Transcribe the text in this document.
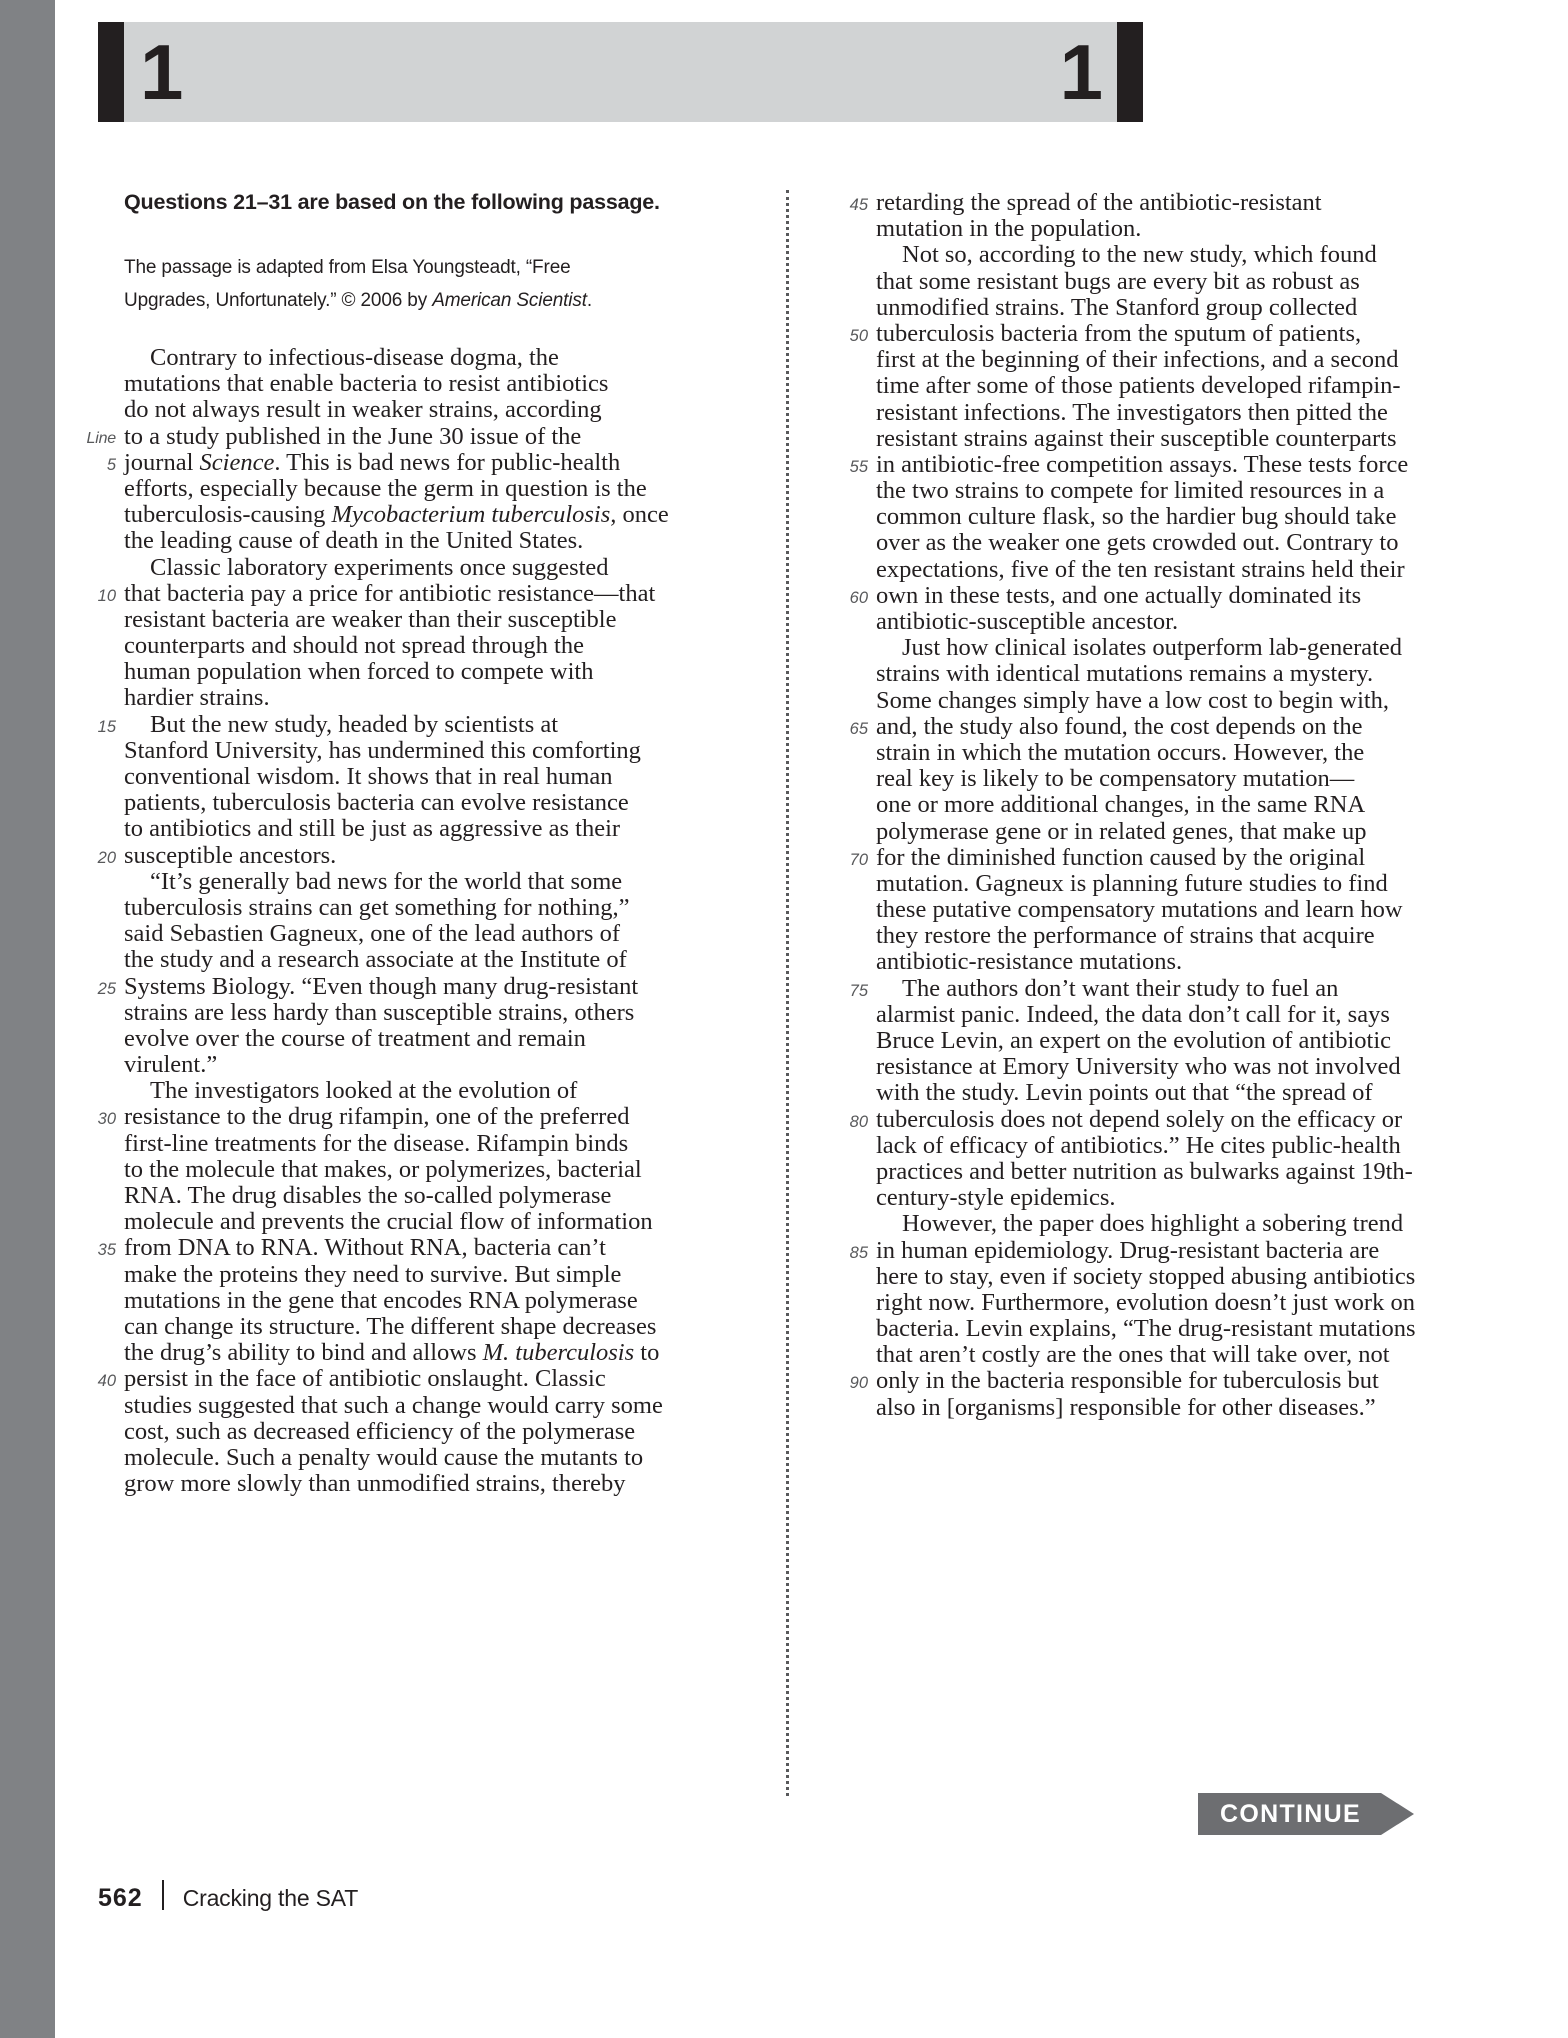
1	1
Questions 21–31 are based on the following passage.
The passage is adapted from Elsa Youngsteadt, “Free
Upgrades, Unfortunately.” © 2006 by American Scientist.
Contrary to infectious-disease dogma, the
mutations that enable bacteria to resist antibiotics
do not always result in weaker strains, according
Line to a study published in the June 30 issue of the
5 journal Science. This is bad news for public-health
efforts, especially because the germ in question is the
tuberculosis-causing Mycobacterium tuberculosis, once
the leading cause of death in the United States.
Classic laboratory experiments once suggested
10 that bacteria pay a price for antibiotic resistance—that
resistant bacteria are weaker than their susceptible
counterparts and should not spread through the
human population when forced to compete with
hardier strains.
15 But the new study, headed by scientists at
Stanford University, has undermined this comforting
conventional wisdom. It shows that in real human
patients, tuberculosis bacteria can evolve resistance
to antibiotics and still be just as aggressive as their
20 susceptible ancestors.
“It’s generally bad news for the world that some
tuberculosis strains can get something for nothing,”
said Sebastien Gagneux, one of the lead authors of
the study and a research associate at the Institute of
25 Systems Biology. “Even though many drug-resistant
strains are less hardy than susceptible strains, others
evolve over the course of treatment and remain
virulent.”
The investigators looked at the evolution of
30 resistance to the drug rifampin, one of the preferred
first-line treatments for the disease. Rifampin binds
to the molecule that makes, or polymerizes, bacterial
RNA. The drug disables the so-called polymerase
molecule and prevents the crucial flow of information
35 from DNA to RNA. Without RNA, bacteria can’t
make the proteins they need to survive. But simple
mutations in the gene that encodes RNA polymerase
can change its structure. The different shape decreases
the drug’s ability to bind and allows M. tuberculosis to
40 persist in the face of antibiotic onslaught. Classic
studies suggested that such a change would carry some
cost, such as decreased efficiency of the polymerase
molecule. Such a penalty would cause the mutants to
grow more slowly than unmodified strains, thereby
45 retarding the spread of the antibiotic-resistant
mutation in the population.
Not so, according to the new study, which found
that some resistant bugs are every bit as robust as
unmodified strains. The Stanford group collected
50 tuberculosis bacteria from the sputum of patients,
first at the beginning of their infections, and a second
time after some of those patients developed rifampin-
resistant infections. The investigators then pitted the
resistant strains against their susceptible counterparts
55 in antibiotic-free competition assays. These tests force
the two strains to compete for limited resources in a
common culture flask, so the hardier bug should take
over as the weaker one gets crowded out. Contrary to
expectations, five of the ten resistant strains held their
60 own in these tests, and one actually dominated its
antibiotic-susceptible ancestor.
Just how clinical isolates outperform lab-generated
strains with identical mutations remains a mystery.
Some changes simply have a low cost to begin with,
65 and, the study also found, the cost depends on the
strain in which the mutation occurs. However, the
real key is likely to be compensatory mutation—
one or more additional changes, in the same RNA
polymerase gene or in related genes, that make up
70 for the diminished function caused by the original
mutation. Gagneux is planning future studies to find
these putative compensatory mutations and learn how
they restore the performance of strains that acquire
antibiotic-resistance mutations.
75 The authors don’t want their study to fuel an
alarmist panic. Indeed, the data don’t call for it, says
Bruce Levin, an expert on the evolution of antibiotic
resistance at Emory University who was not involved
with the study. Levin points out that “the spread of
80 tuberculosis does not depend solely on the efficacy or
lack of efficacy of antibiotics.” He cites public-health
practices and better nutrition as bulwarks against 19th-
century-style epidemics.
However, the paper does highlight a sobering trend
85 in human epidemiology. Drug-resistant bacteria are
here to stay, even if society stopped abusing antibiotics
right now. Furthermore, evolution doesn’t just work on
bacteria. Levin explains, “The drug-resistant mutations
that aren’t costly are the ones that will take over, not
90 only in the bacteria responsible for tuberculosis but
also in [organisms] responsible for other diseases.”
CONTINUE
562 Cracking the SAT
